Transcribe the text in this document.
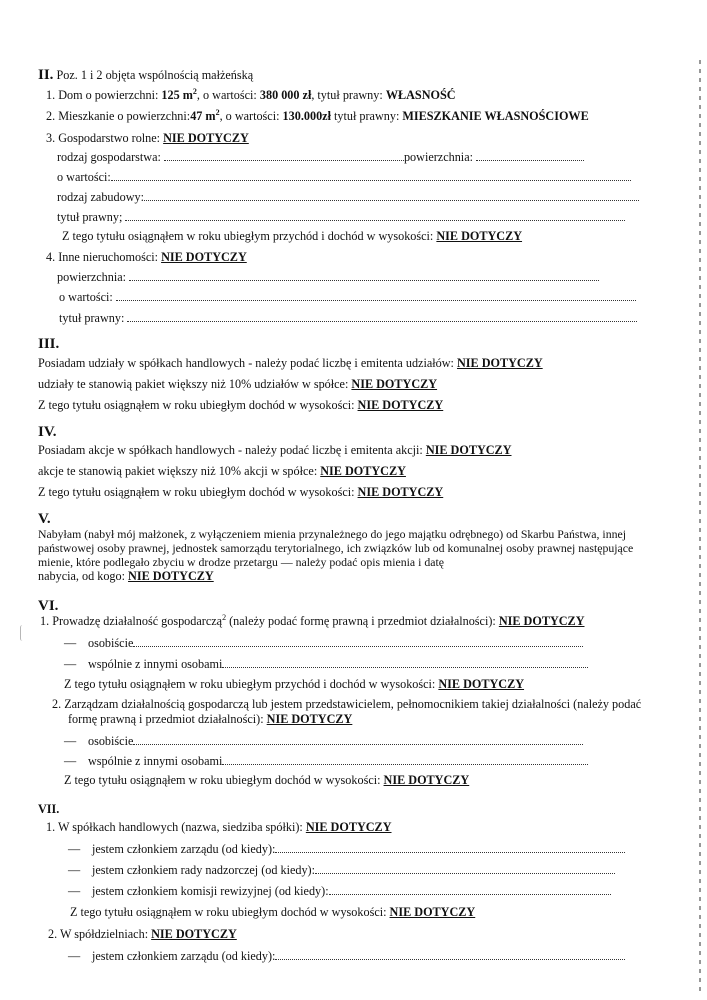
II. Poz. 1 i 2 objęta wspólnością małżeńską
1. Dom o powierzchni: 125 $m^2$, o wartości: 380 000 zł, tytuł prawny: WŁASNOŚĆ
2. Mieszkanie o powierzchni:47 $m^2$, o wartości: 130.000zł tytuł prawny: MIESZKANIE WŁASNOŚCIOWE
3. Gospodarstwo rolne: NIE DOTYCZY
rodzaj gospodarstwa:	powierzchnia:
o wartości:
rodzaj zabudowy:
tytuł prawny;
Z tego tytułu osiągnąłem w roku ubiegłym przychód i dochód w wysokości: NIE DOTYCZY
4. Inne nieruchomości: NIE DOTYCZY
powierzchnia:
o wartości:
tytuł prawny:
III.
Posiadam udziały w spółkach handlowych - należy podać liczbę i emitenta udziałów: NIE DOTYCZY
udziały te stanowią pakiet większy niż 10% udziałów w spółce: NIE DOTYCZY
Z tego tytułu osiągnąłem w roku ubiegłym dochód w wysokości: NIE DOTYCZY
IV.
Posiadam akcje w spółkach handlowych - należy podać liczbę i emitenta akcji: NIE DOTYCZY
akcje te stanowią pakiet większy niż 10% akcji w spółce: NIE DOTYCZY
Z tego tytułu osiągnąłem w roku ubiegłym dochód w wysokości: NIE DOTYCZY
V.
Nabyłam (nabył mój małżonek, z wyłączeniem mienia przynależnego do jego majątku odrębnego) od Skarbu Państwa, innej
państwowej osoby prawnej, jednostek samorządu terytorialnego, ich związków lub od komunalnej osoby prawnej następujące
mienie, które podlegało zbyciu w drodze przetargu — należy podać opis mienia i datę
nabycia, od kogo: NIE DOTYCZY
VI.
1. Prowadzę działalność gospodarczą$^2$ (należy podać formę prawną i przedmiot działalności): NIE DOTYCZY
— osobiście
— wspólnie z innymi osobami
Z tego tytułu osiągnąłem w roku ubiegłym przychód i dochód w wysokości: NIE DOTYCZY
2. Zarządzam działalnością gospodarczą lub jestem przedstawicielem, pełnomocnikiem takiej działalności (należy podać
formę prawną i przedmiot działalności): NIE DOTYCZY
— osobiście
— wspólnie z innymi osobami
Z tego tytułu osiągnąłem w roku ubiegłym dochód w wysokości: NIE DOTYCZY
VII.
1. W spółkach handlowych (nazwa, siedziba spółki): NIE DOTYCZY
— jestem członkiem zarządu (od kiedy):
— jestem członkiem rady nadzorczej (od kiedy):
— jestem członkiem komisji rewizyjnej (od kiedy):
Z tego tytułu osiągnąłem w roku ubiegłym dochód w wysokości: NIE DOTYCZY
2. W spółdzielniach: NIE DOTYCZY
— jestem członkiem zarządu (od kiedy):
